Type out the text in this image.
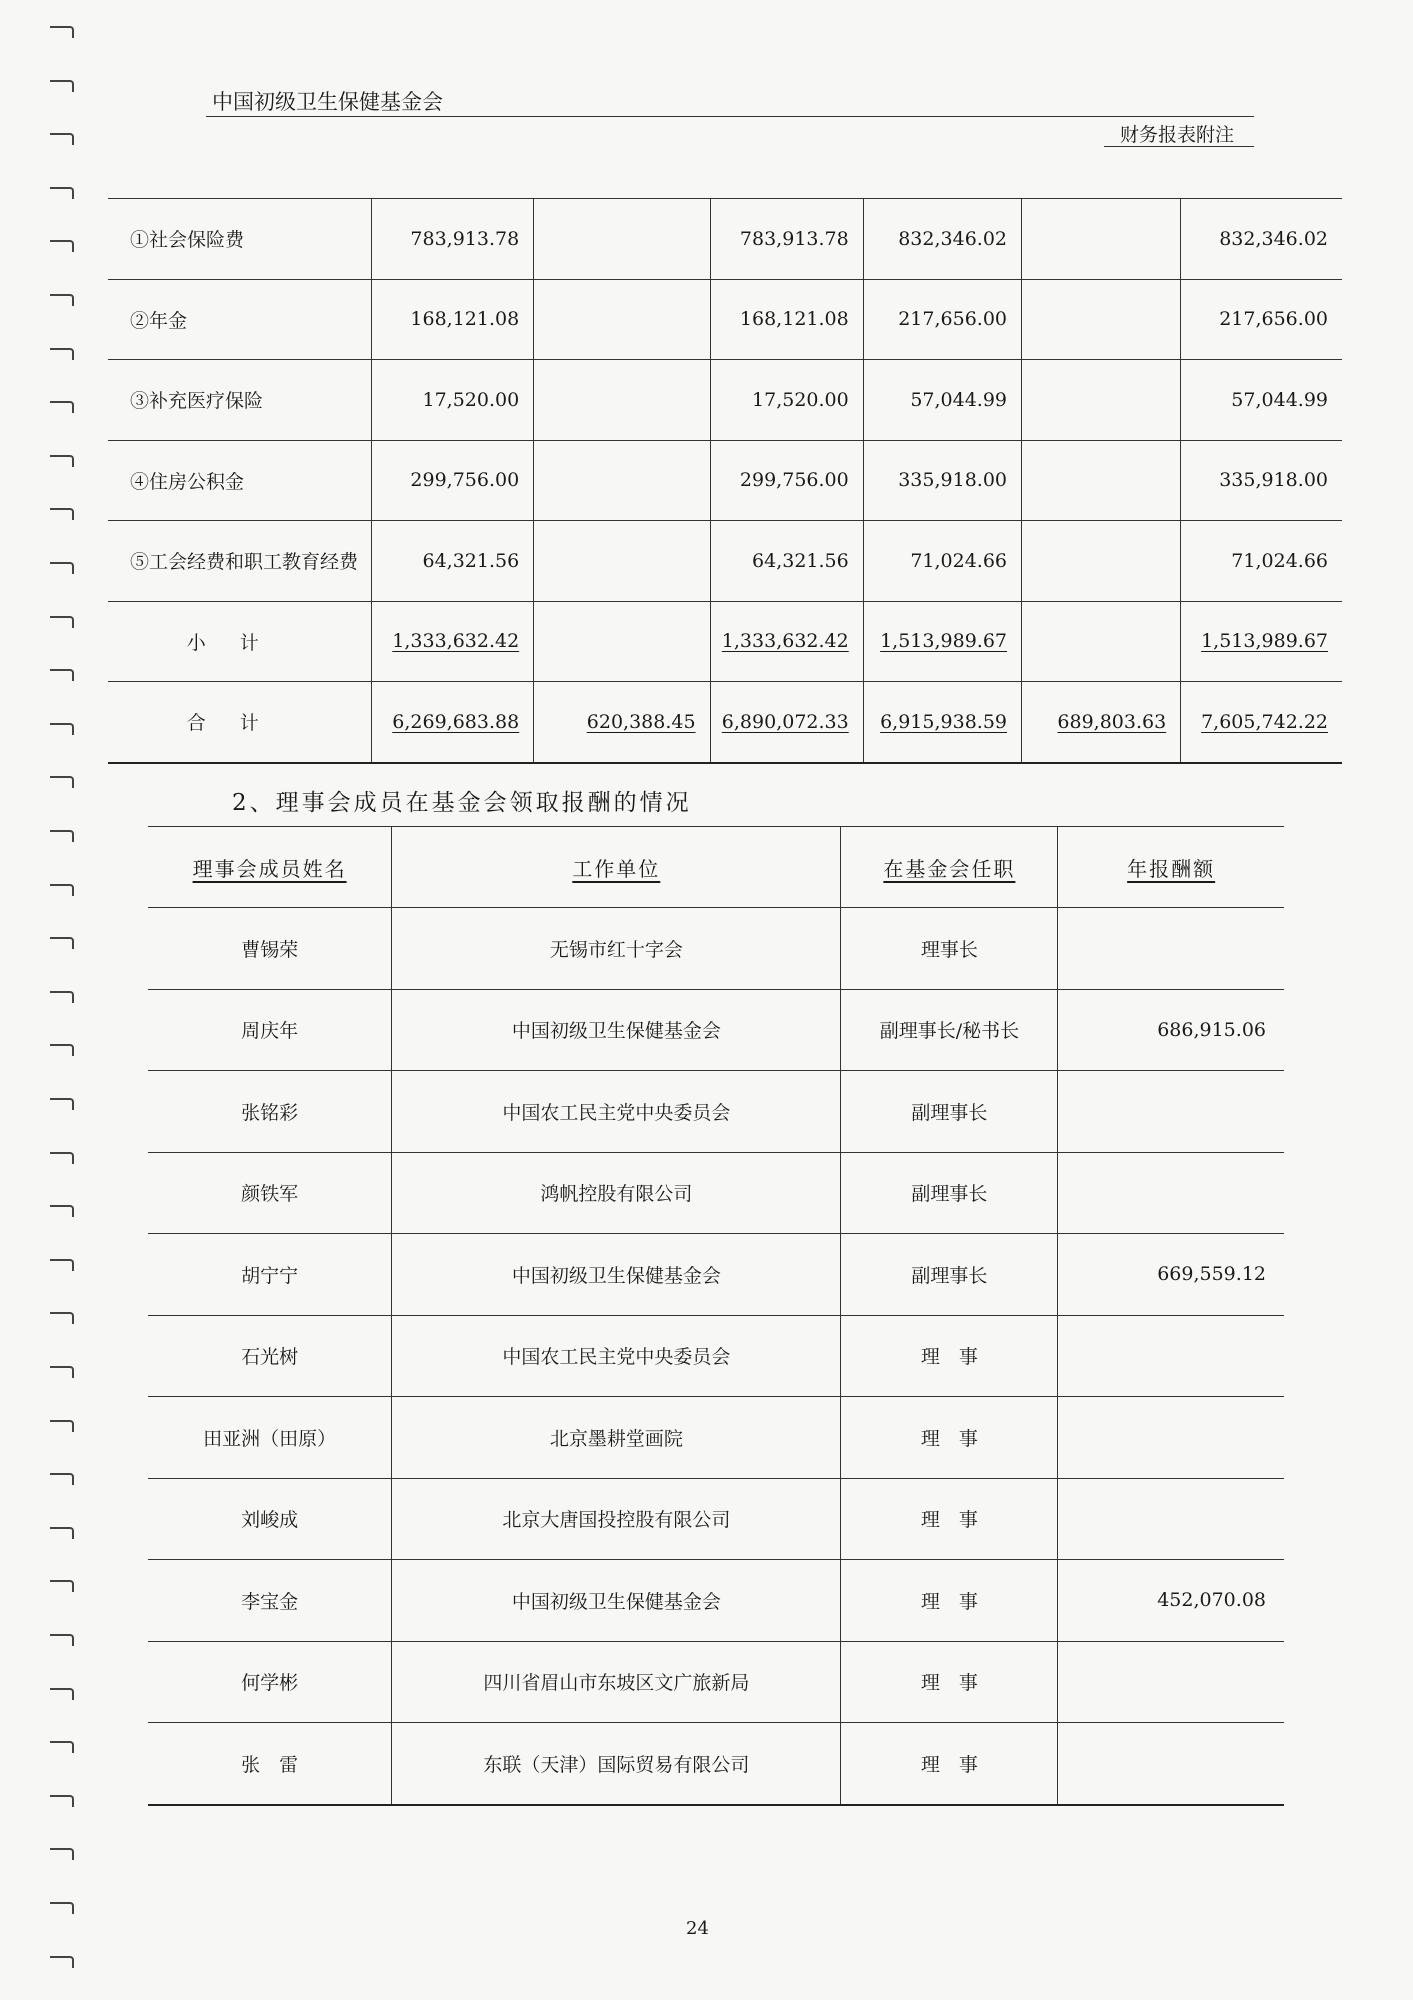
中国初级卫生保健基金会
财务报表附注
①社会保险费	783,913.78		783,913.78	832,346.02		832,346.02
②年金	168,121.08		168,121.08	217,656.00		217,656.00
③补充医疗保险	17,520.00		17,520.00	57,044.99		57,044.99
④住房公积金	299,756.00		299,756.00	335,918.00		335,918.00
⑤工会经费和职工教育经费	64,321.56		64,321.56	71,024.66		71,024.66
小计	1,333,632.42		1,333,632.42	1,513,989.67		1,513,989.67
合计	6,269,683.88	620,388.45	6,890,072.33	6,915,938.59	689,803.63	7,605,742.22
2、理事会成员在基金会领取报酬的情况
理事会成员姓名	工作单位	在基金会任职	年报酬额
曹锡荣	无锡市红十字会	理事长	
周庆年	中国初级卫生保健基金会	副理事长/秘书长	686,915.06
张铭彩	中国农工民主党中央委员会	副理事长	
颜铁军	鸿帆控股有限公司	副理事长	
胡宁宁	中国初级卫生保健基金会	副理事长	669,559.12
石光树	中国农工民主党中央委员会	理　事	
田亚洲（田原）	北京墨耕堂画院	理　事	
刘峻成	北京大唐国投控股有限公司	理　事	
李宝金	中国初级卫生保健基金会	理　事	452,070.08
何学彬	四川省眉山市东坡区文广旅新局	理　事	
张　雷	东联（天津）国际贸易有限公司	理　事	
24
